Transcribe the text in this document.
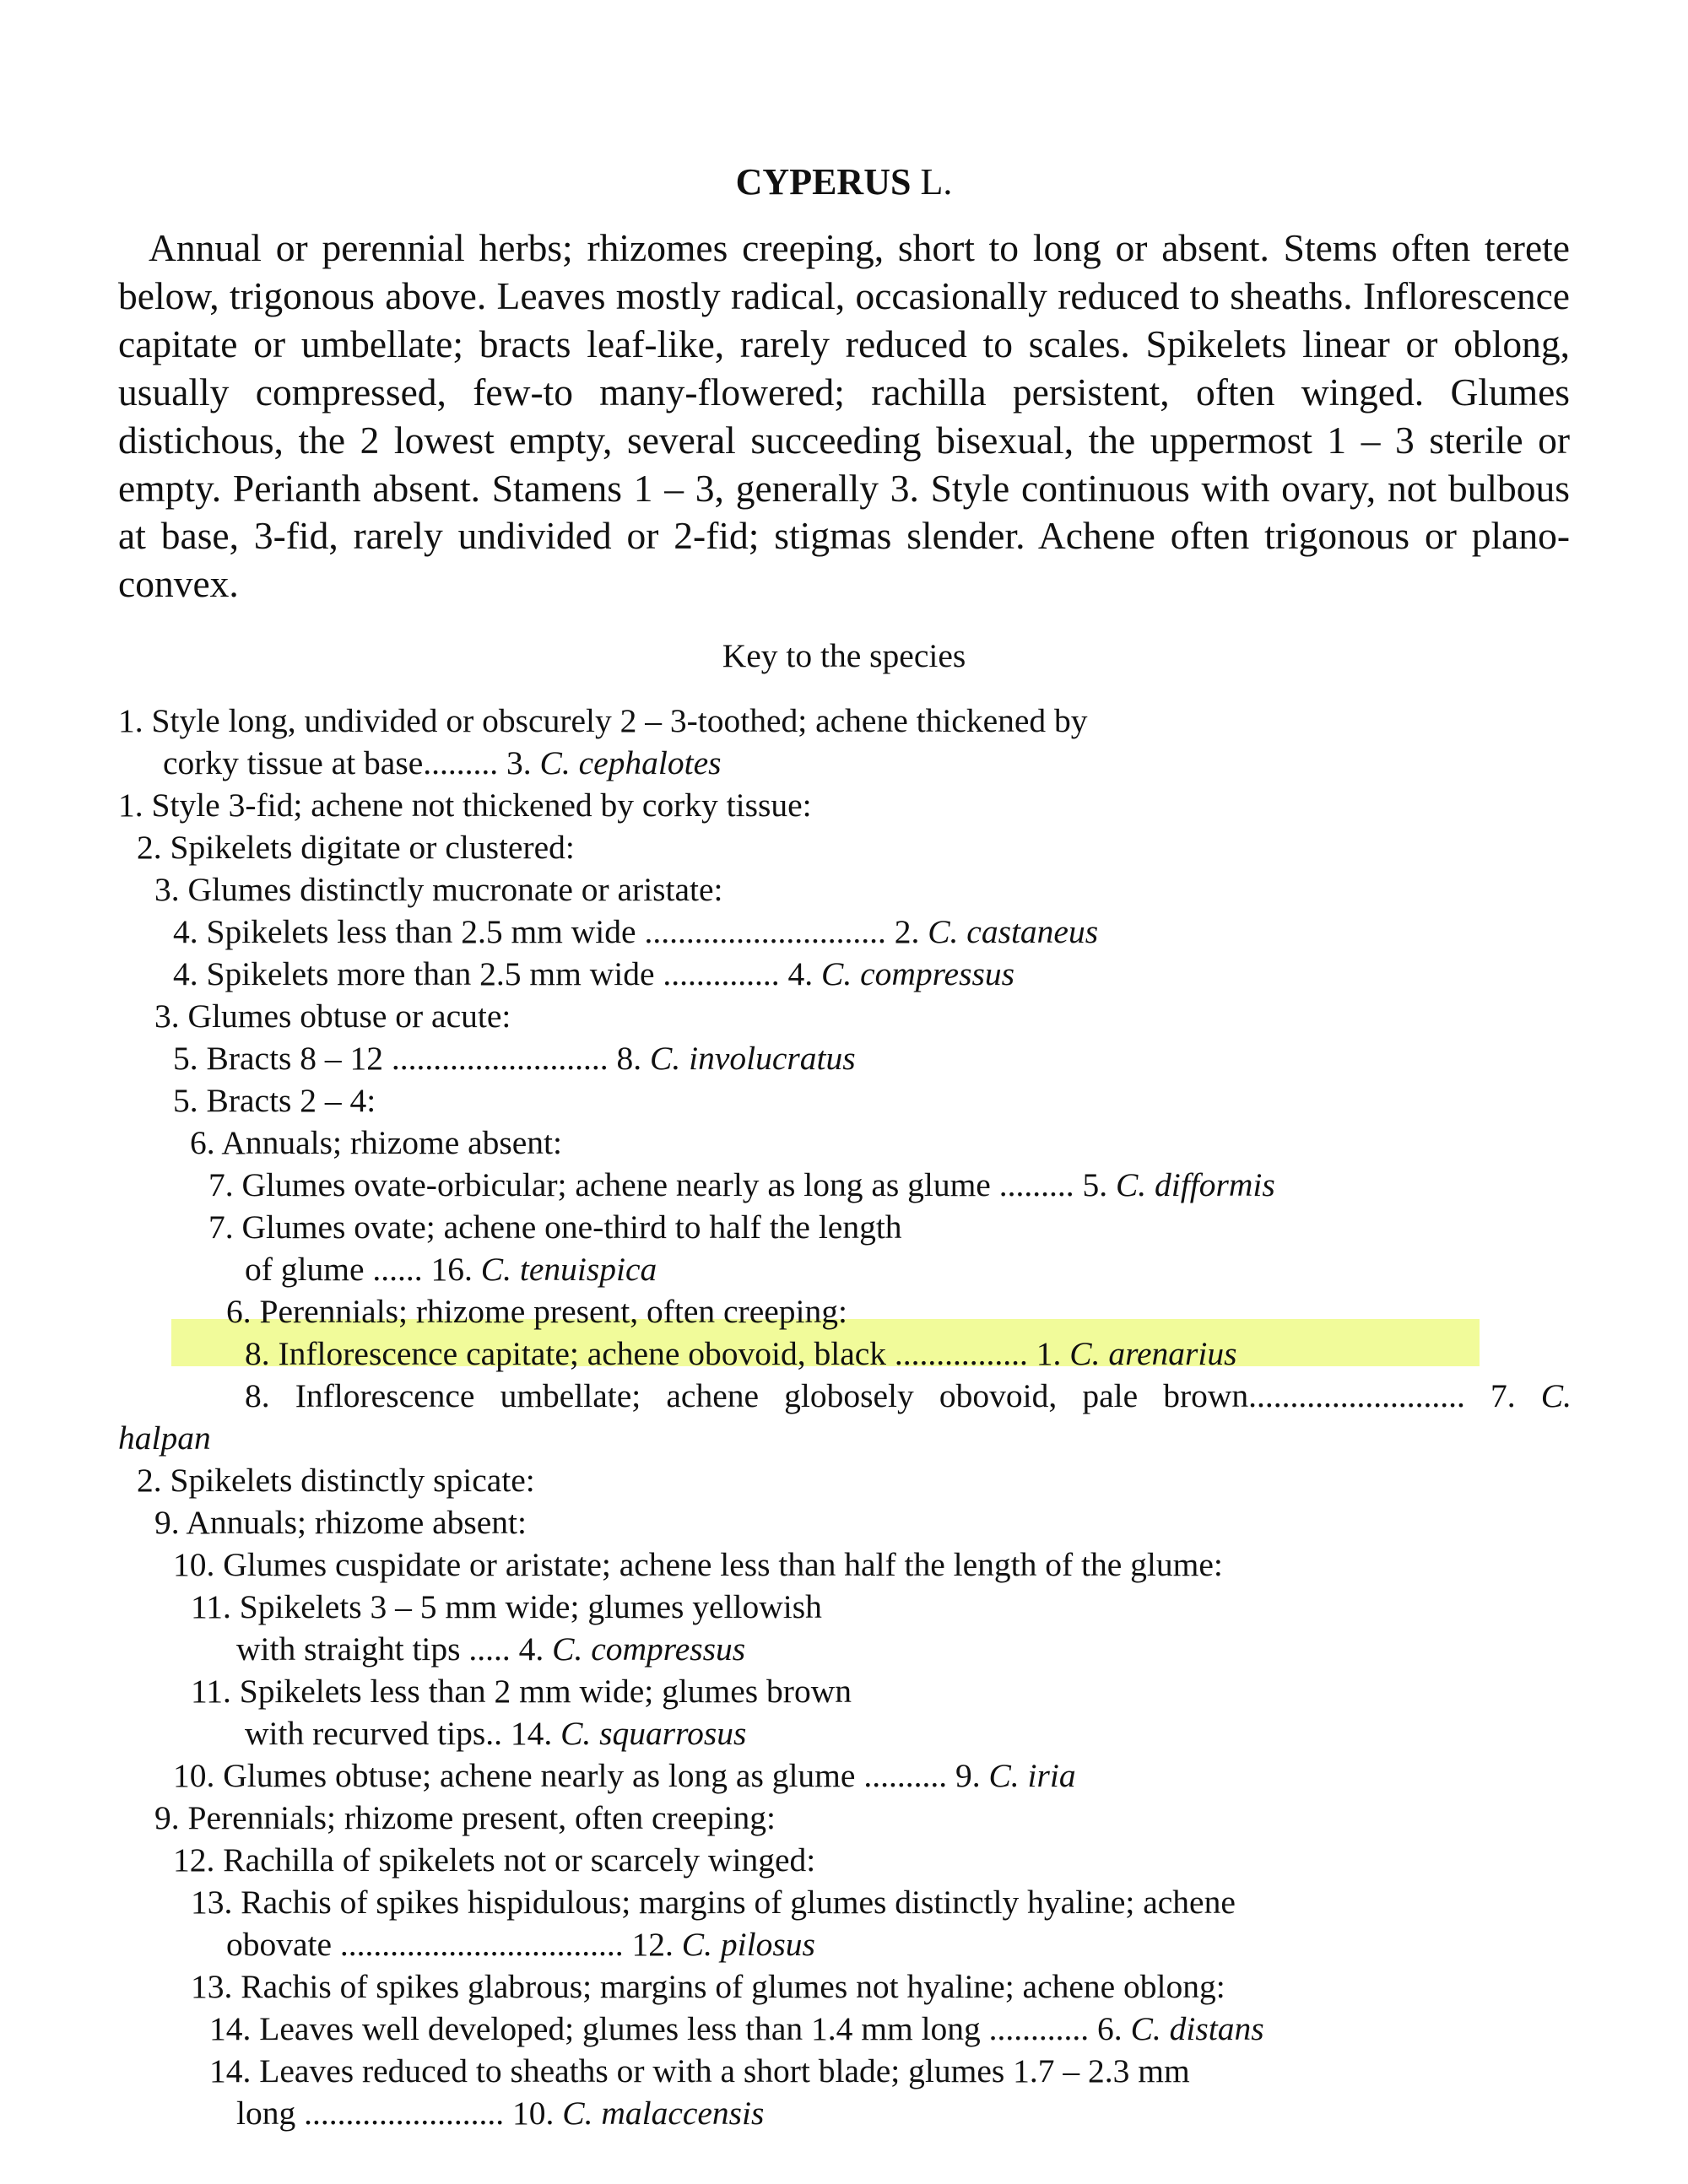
CYPERUS L.
Annual or perennial herbs; rhizomes creeping, short to long or absent. Stems often terete below, trigonous above. Leaves mostly radical, occasionally reduced to sheaths. Inflorescence capitate or umbellate; bracts leaf-like, rarely reduced to scales. Spikelets linear or oblong, usually compressed, few-to many-flowered; rachilla persistent, often winged. Glumes distichous, the 2 lowest empty, several succeeding bisexual, the uppermost 1 – 3 sterile or empty. Perianth absent. Stamens 1 – 3, generally 3. Style continuous with ovary, not bulbous at base, 3-fid, rarely undivided or 2-fid; stigmas slender. Achene often trigonous or plano-convex.
Key to the species
1. Style long, undivided or obscurely 2 – 3-toothed; achene thickened by
corky tissue at base......... 3. C. cephalotes
1. Style 3-fid; achene not thickened by corky tissue:
2. Spikelets digitate or clustered:
3. Glumes distinctly mucronate or aristate:
4. Spikelets less than 2.5 mm wide ............................. 2. C. castaneus
4. Spikelets more than 2.5 mm wide .............. 4. C. compressus
3. Glumes obtuse or acute:
5. Bracts 8 – 12 .......................... 8. C. involucratus
5. Bracts 2 – 4:
6. Annuals; rhizome absent:
7. Glumes ovate-orbicular; achene nearly as long as glume ......... 5. C. difformis
7. Glumes ovate; achene one-third to half the length
of glume ...... 16. C. tenuispica
6. Perennials; rhizome present, often creeping:
8. Inflorescence capitate; achene obovoid, black ................ 1. C. arenarius
8. Inflorescence umbellate; achene globosely obovoid, pale brown.......................... 7. C.
halpan
2. Spikelets distinctly spicate:
9. Annuals; rhizome absent:
10. Glumes cuspidate or aristate; achene less than half the length of the glume:
11. Spikelets 3 – 5 mm wide; glumes yellowish
with straight tips ..... 4. C. compressus
11. Spikelets less than 2 mm wide; glumes brown
with recurved tips.. 14. C. squarrosus
10. Glumes obtuse; achene nearly as long as glume .......... 9. C. iria
9. Perennials; rhizome present, often creeping:
12. Rachilla of spikelets not or scarcely winged:
13. Rachis of spikes hispidulous; margins of glumes distinctly hyaline; achene
obovate .................................. 12. C. pilosus
13. Rachis of spikes glabrous; margins of glumes not hyaline; achene oblong:
14. Leaves well developed; glumes less than 1.4 mm long ............ 6. C. distans
14. Leaves reduced to sheaths or with a short blade; glumes 1.7 – 2.3 mm
long ........................ 10. C. malaccensis
